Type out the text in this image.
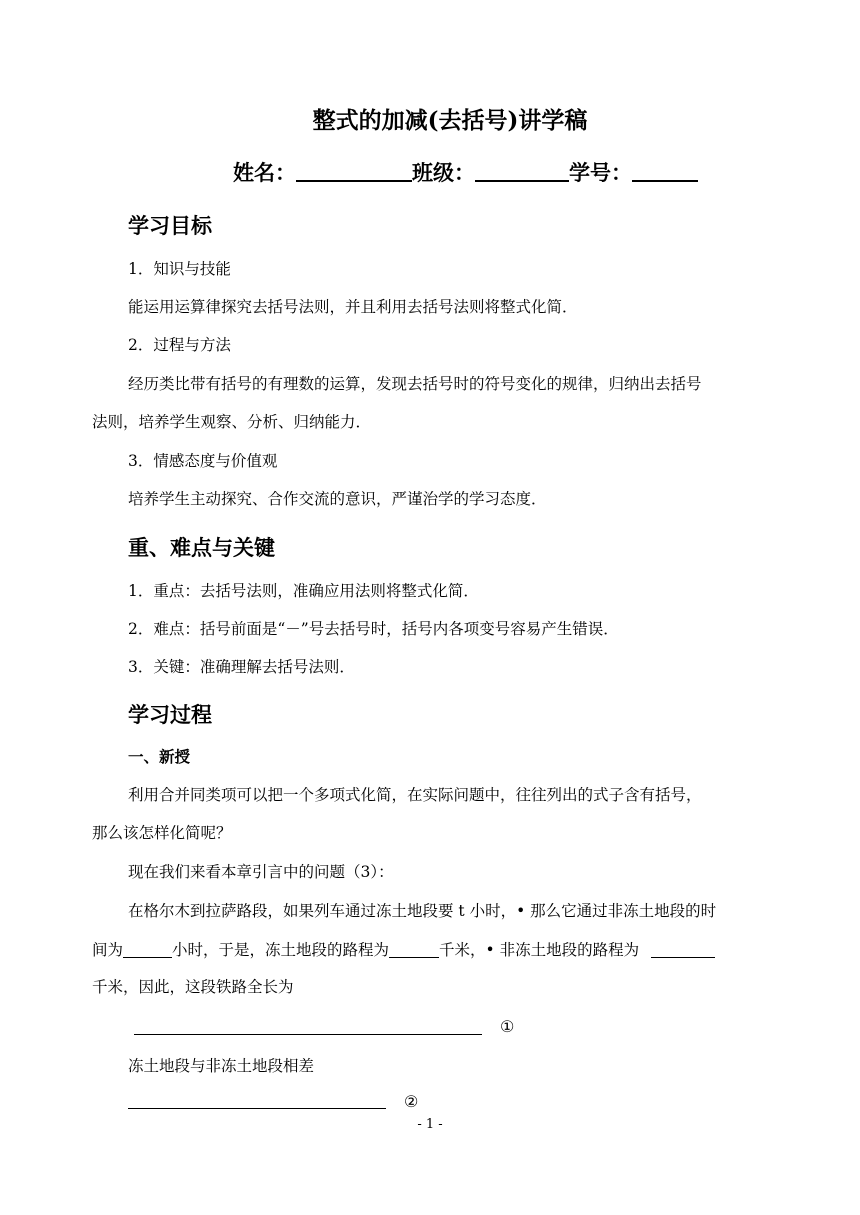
整式的加减(去括号)讲学稿
姓名：	班级：	学号：
学习目标
1．知识与技能
能运用运算律探究去括号法则，并且利用去括号法则将整式化简．
2．过程与方法
经历类比带有括号的有理数的运算，发现去括号时的符号变化的规律，归纳出去括号
法则，培养学生观察、分析、归纳能力．
3．情感态度与价值观
培养学生主动探究、合作交流的意识，严谨治学的学习态度．
重、难点与关键
1．重点：去括号法则，准确应用法则将整式化简．
2．难点：括号前面是“－”号去括号时，括号内各项变号容易产生错误．
3．关键：准确理解去括号法则．
学习过程
一、新授
利用合并同类项可以把一个多项式化简，在实际问题中，往往列出的式子含有括号，
那么该怎样化简呢？
现在我们来看本章引言中的问题（3）：
在格尔木到拉萨路段，如果列车通过冻土地段要 t 小时，• 那么它通过非冻土地段的时
间为	小时，于是，冻土地段的路程为	千米，• 非冻土地段的路程为
千米，因此，这段铁路全长为
①
冻土地段与非冻土地段相差
②
- 1 -
